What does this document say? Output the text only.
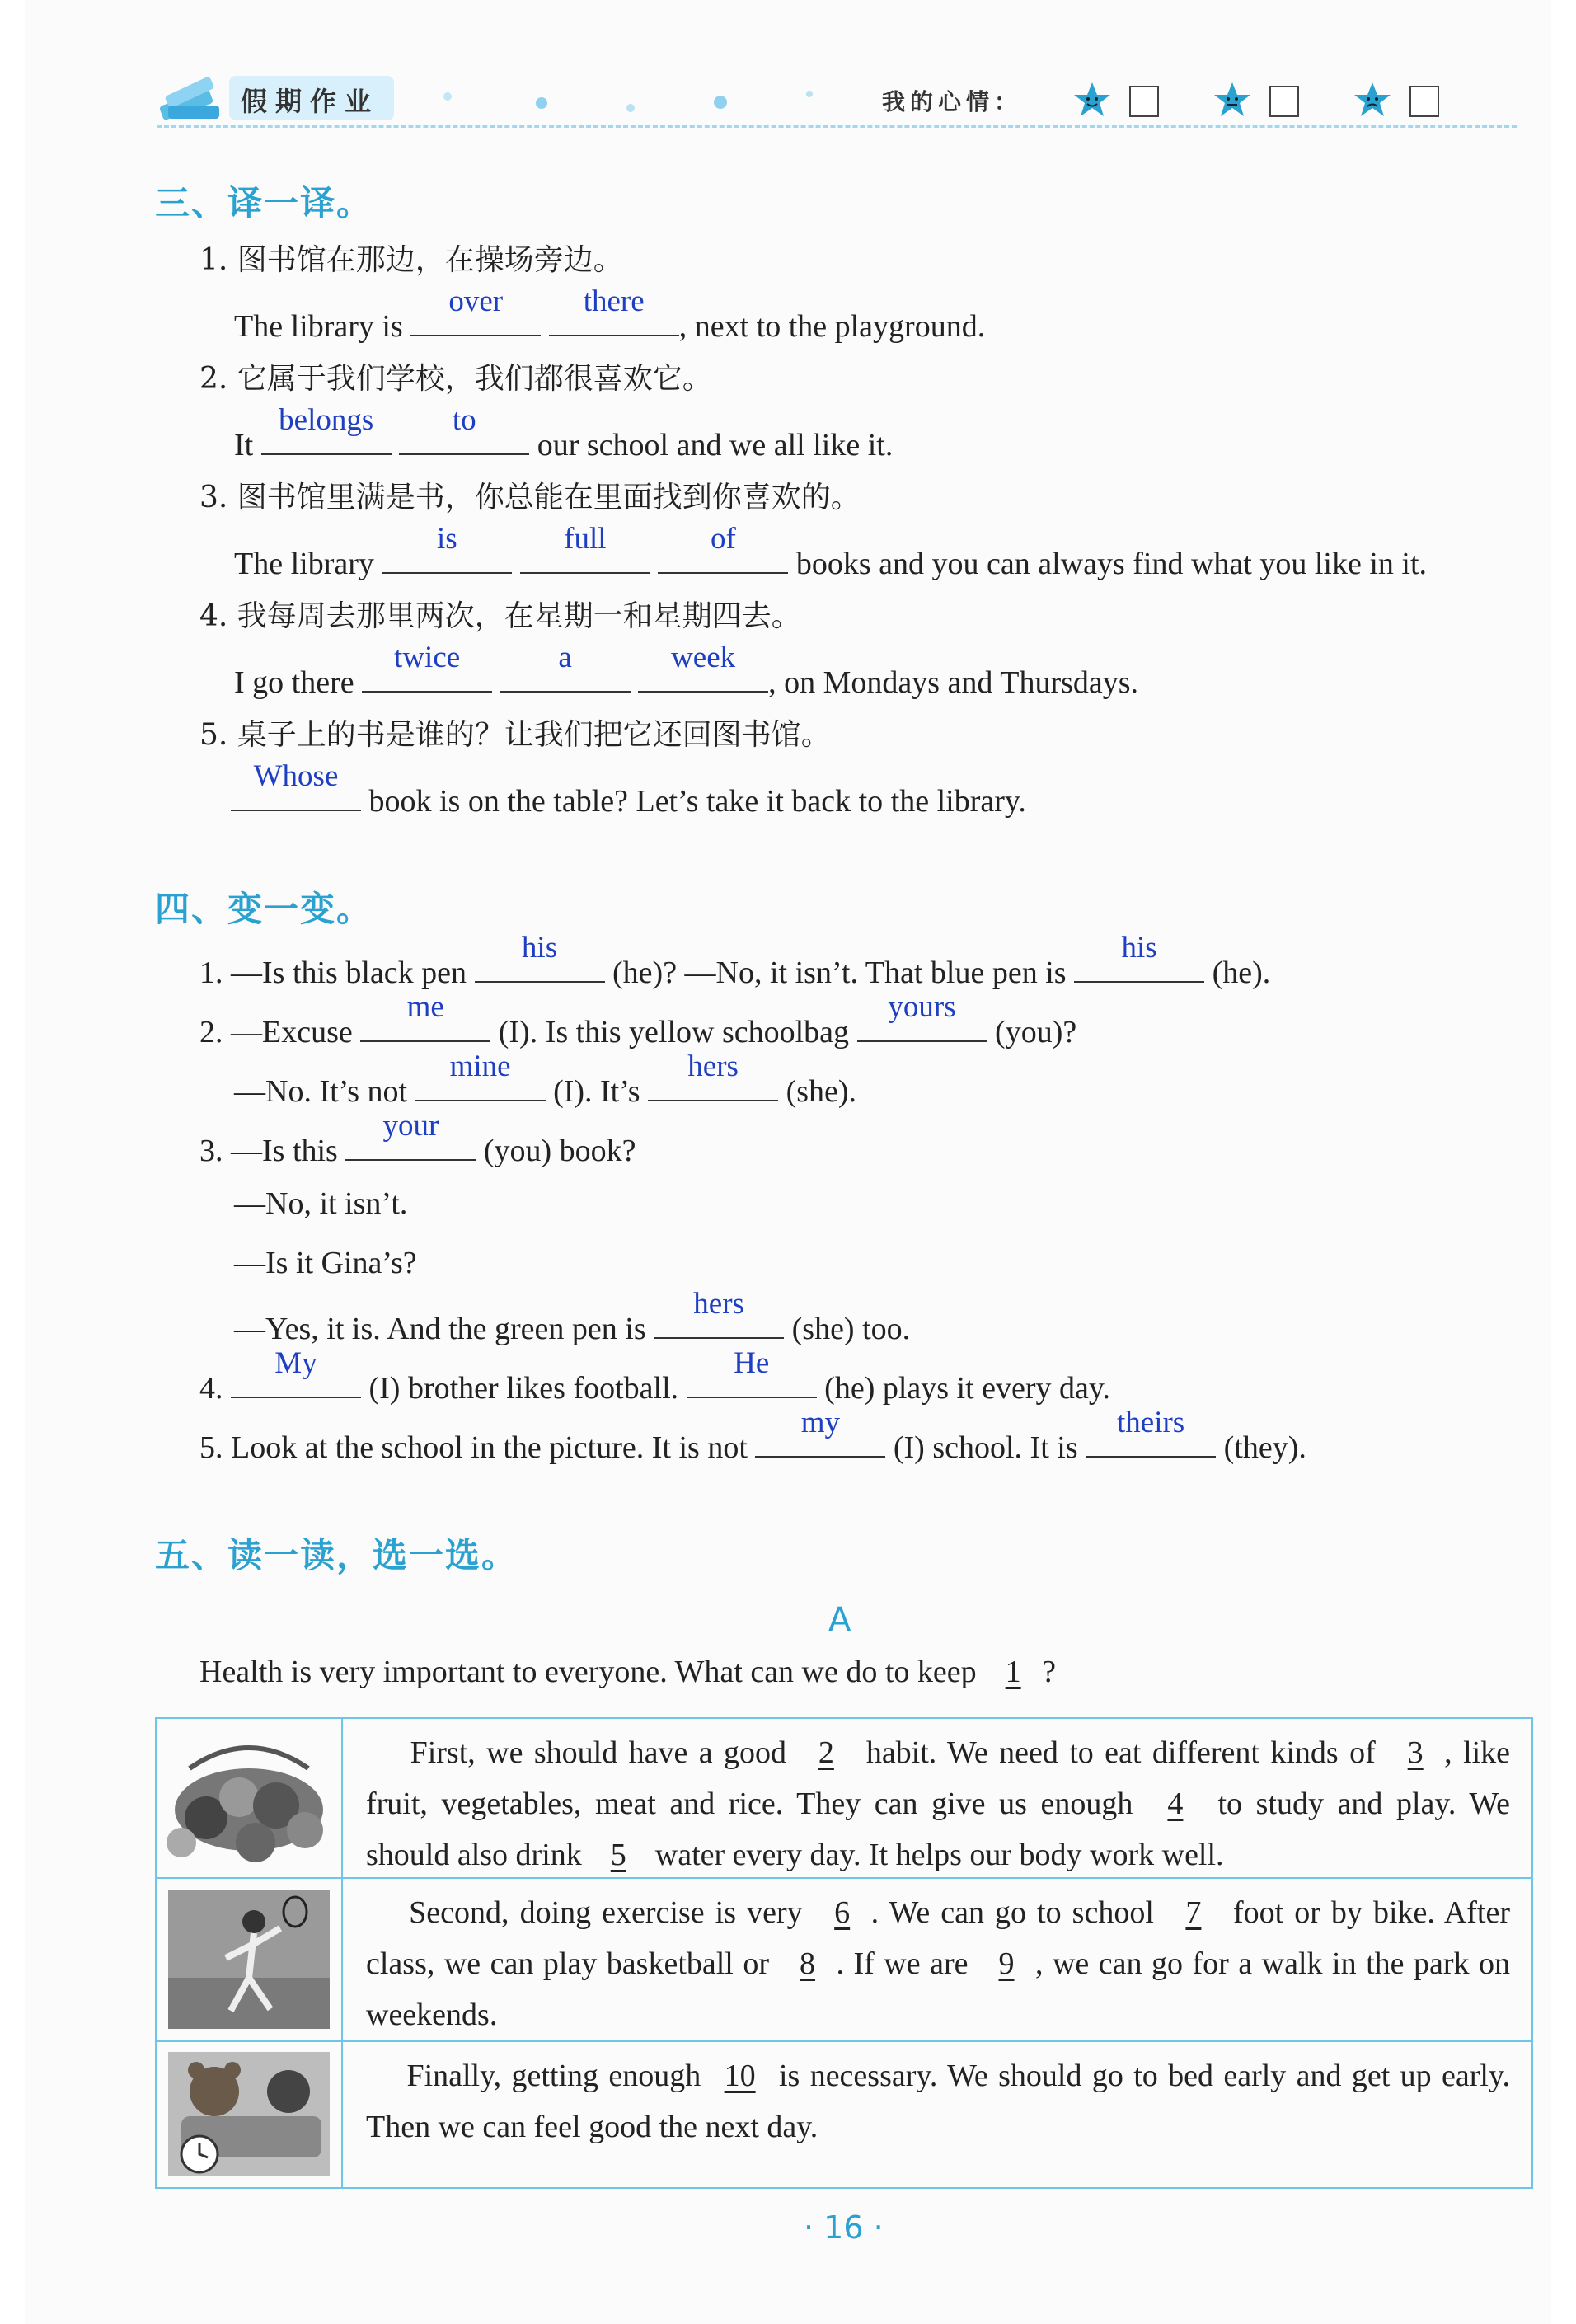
假期作业	我的心情：
三、译一译。
1. 图书馆在那边，在操场旁边。
The library is
over
	there
, next to the playground.
2. 它属于我们学校，我们都很喜欢它。
It
belongs
	to
our school and we all like it.
3. 图书馆里满是书，你总能在里面找到你喜欢的。
The library
is
	full
	of
books and you can always find what you like in it.
4. 我每周去那里两次，在星期一和星期四去。
I go there
twice
	a
	week
, on Mondays and Thursdays.
5. 桌子上的书是谁的？让我们把它还回图书馆。
Whose
book is on the table? Let’s take it back to the library.
四、变一变。
1. —Is this black pen
his
(he)? —No, it isn’t. That blue pen is
his
(he).
2. —Excuse
me
(I). Is this yellow schoolbag
yours
(you)?
—No. It’s not
mine
(I). It’s
hers
(she).
3. —Is this
your
(you) book?
—No, it isn’t.
—Is it Gina’s?
—Yes, it is. And the green pen is
hers
(she) too.
4.
My
(I) brother likes football.
He
(he) plays it every day.
5. Look at the school in the picture. It is not
my
(I) school. It is
theirs
(they).
五、读一读，选一选。
A
Health is very important to everyone. What can we do to keep 1 ?
First, we should have a good 2 habit. We need to eat different kinds of 3 , like fruit, vegetables, meat and rice. They can give us enough 4 to study and play. We should also drink 5 water every day. It helps our body work well.
Second, doing exercise is very 6 . We can go to school 7 foot or by bike. After class, we can play basketball or 8 . If we are 9 , we can go for a walk in the park on weekends.
Finally, getting enough 10 is necessary. We should go to bed early and get up early. Then we can feel good the next day.
· 16 ·
